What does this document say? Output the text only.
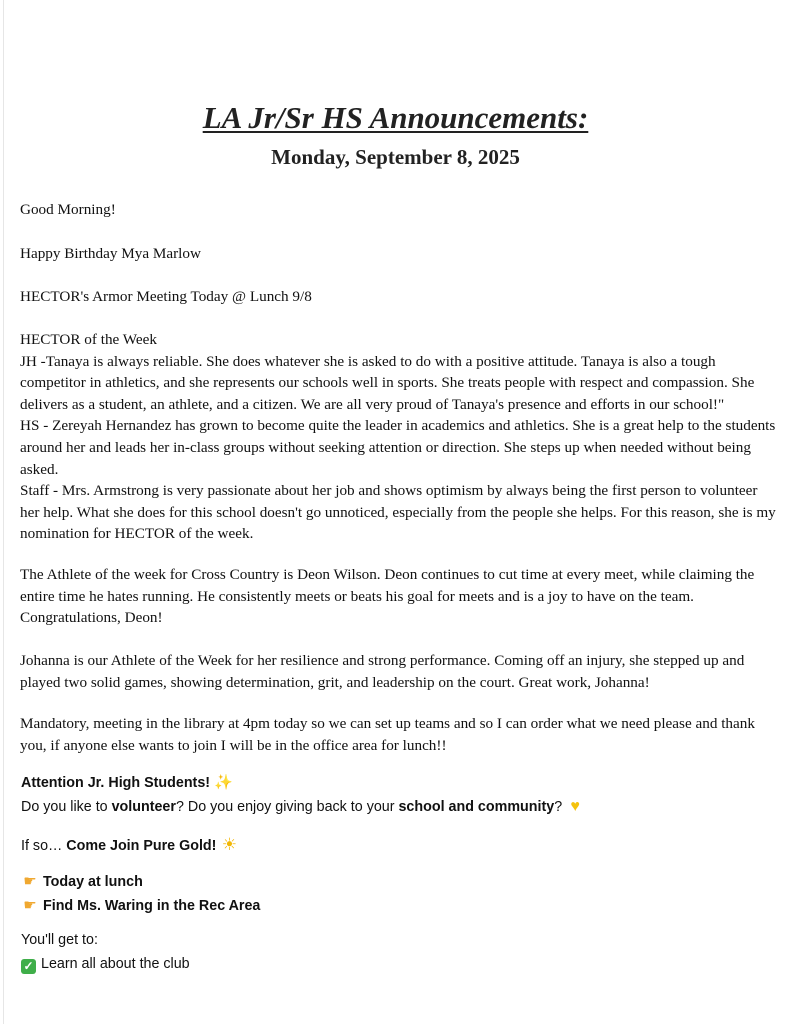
LA Jr/Sr HS Announcements:
Monday, September 8, 2025

Good Morning!

Happy Birthday Mya Marlow

HECTOR's Armor Meeting Today @ Lunch 9/8

HECTOR of the Week

JH -Tanaya is always reliable. She does whatever she is asked to do with a positive attitude. Tanaya is also a tough competitor in athletics, and she represents our schools well in sports. She treats people with respect and compassion. She delivers as a student, an athlete, and a citizen. We are all very proud of Tanaya's presence and efforts in our school!"

HS - Zereyah Hernandez has grown to become quite the leader in academics and athletics. She is a great help to the students around her and leads her in-class groups without seeking attention or direction. She steps up when needed without being asked.

Staff - Mrs. Armstrong is very passionate about her job and shows optimism by always being the first person to volunteer her help. What she does for this school doesn't go unnoticed, especially from the people she helps. For this reason, she is my nomination for HECTOR of the week.

The Athlete of the week for Cross Country is Deon Wilson. Deon continues to cut time at every meet, while claiming the entire time he hates running. He consistently meets or beats his goal for meets and is a joy to have on the team. Congratulations, Deon!

Johanna is our Athlete of the Week for her resilience and strong performance. Coming off an injury, she stepped up and played two solid games, showing determination, grit, and leadership on the court. Great work, Johanna!

Mandatory, meeting in the library at 4pm today so we can set up teams and so I can order what we need please and thank you, if anyone else wants to join I will be in the office area for lunch!!

Attention Jr. High Students! ✨
Do you like to volunteer? Do you enjoy giving back to your school and community? ♥
If so… Come Join Pure Gold! ☀
☛ Today at lunch
☛ Find Ms. Waring in the Rec Area
You'll get to:
✓ Learn all about the club
